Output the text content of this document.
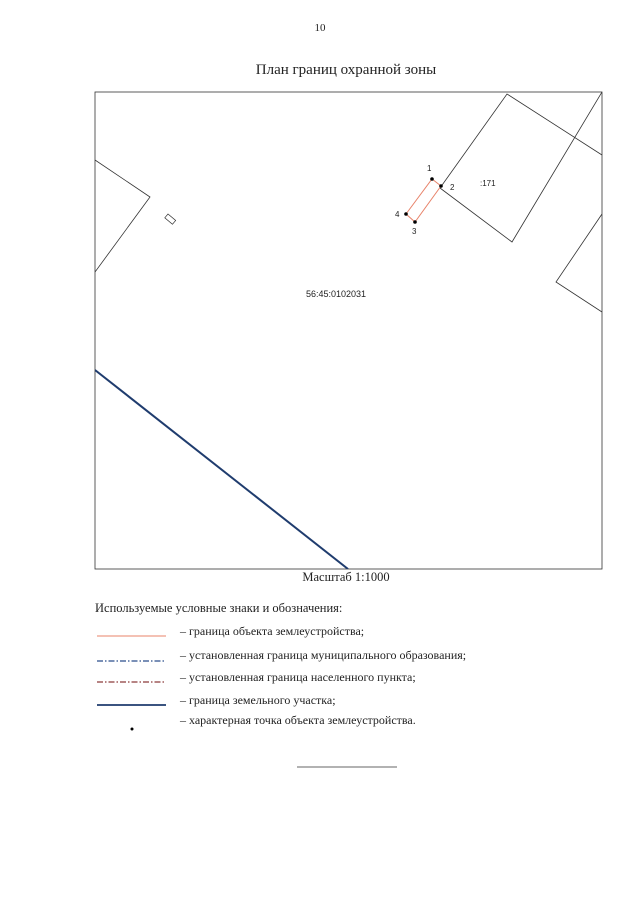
10
План границ охранной зоны
1
2
3
4
:171
56:45:0102031
Масштаб 1:1000
Используемые условные знаки и обозначения:
– граница объекта землеустройства;
– установленная граница муниципального образования;
– установленная граница населенного пункта;
– граница земельного участка;
– характерная точка объекта землеустройства.
